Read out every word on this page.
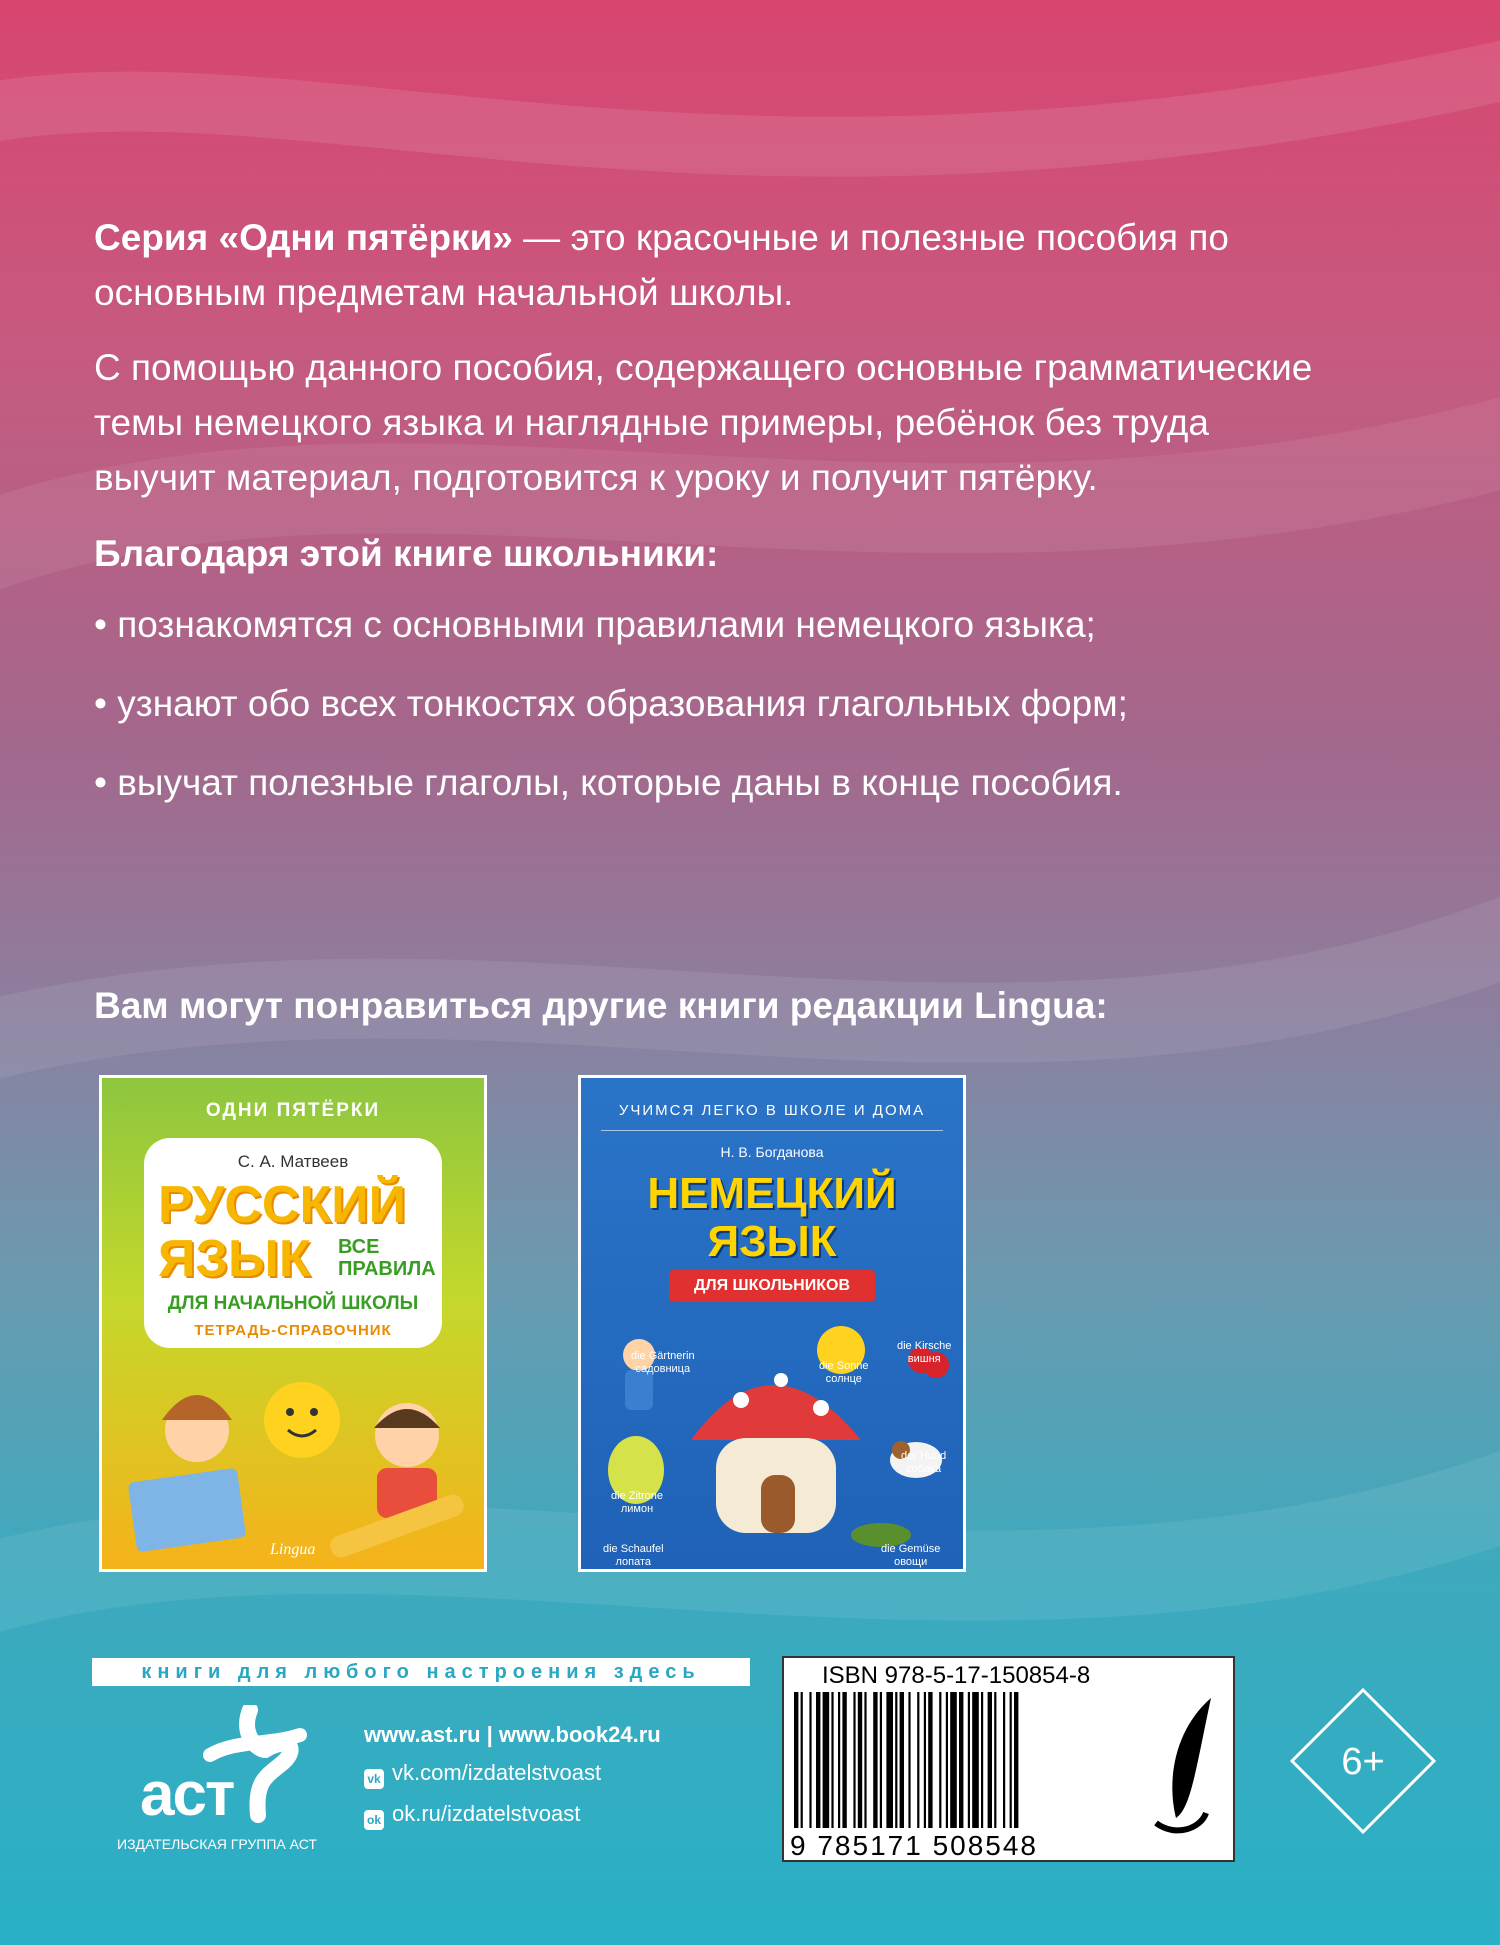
Серия «Одни пятёрки» — это красочные и полезные пособия по основным предметам начальной школы.

С помощью данного пособия, содержащего основные грамматические темы немецкого языка и наглядные примеры, ребёнок без труда выучит материал, подготовится к уроку и получит пятёрку.

Благодаря этой книге школьники:
• познакомятся с основными правилами немецкого языка;
• узнают обо всех тонкостях образования глагольных форм;
• выучат полезные глаголы, которые даны в конце пособия.
Вам могут понравиться другие книги редакции Lingua:
ОДНИ ПЯТЁРКИ
С. А. Матвеев
РУССКИЙ
ЯЗЫК	ВСЕ ПРАВИЛА
ДЛЯ НАЧАЛЬНОЙ ШКОЛЫ
ТЕТРАДЬ-СПРАВОЧНИК
Lingua
УЧИМСЯ ЛЕГКО В ШКОЛЕ И ДОМА
Н. В. Богданова
НЕМЕЦКИЙ
ЯЗЫК
ДЛЯ ШКОЛЬНИКОВ
die Gärtnerin
садовница	die Sonne
солнце
die Kirsche
вишня
die Zitrone
лимон
der Hund
собака
die Schaufel
лопата
die Gemüse
овощи
книги для любого настроения здесь
аст
ИЗДАТЕЛЬСКАЯ ГРУППА АСТ
www.ast.ru | www.book24.ru
vk vk.com/izdatelstvoast
ok ok.ru/izdatelstvoast
ISBN 978-5-17-150854-8
9 785171 508548
6+
